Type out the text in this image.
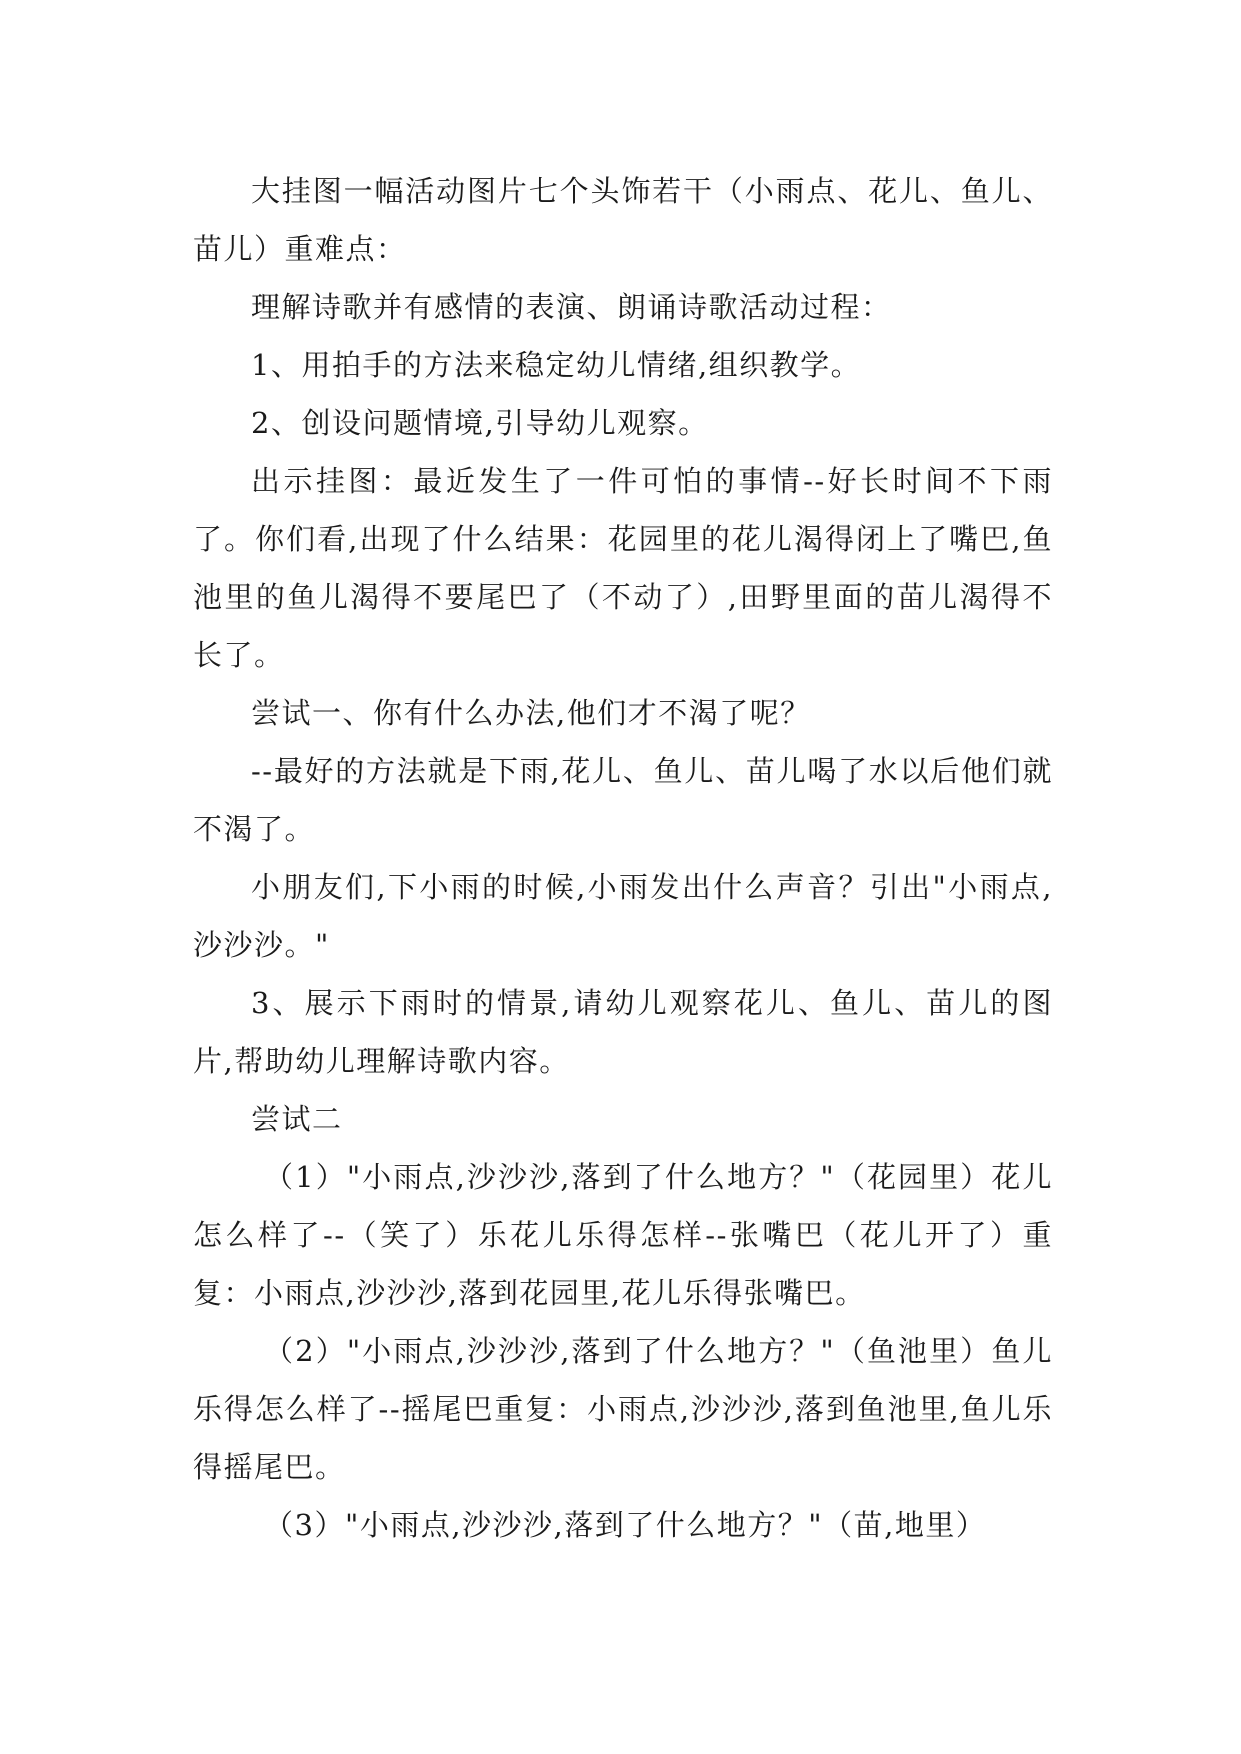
大挂图一幅活动图片七个头饰若干（小雨点、花儿、鱼儿、苗儿）重难点：

理解诗歌并有感情的表演、朗诵诗歌活动过程：

1、用拍手的方法来稳定幼儿情绪,组织教学。

2、创设问题情境,引导幼儿观察。

出示挂图：最近发生了一件可怕的事情--好长时间不下雨了。你们看,出现了什么结果：花园里的花儿渴得闭上了嘴巴,鱼池里的鱼儿渴得不要尾巴了（不动了）,田野里面的苗儿渴得不长了。

尝试一、你有什么办法,他们才不渴了呢？

--最好的方法就是下雨,花儿、鱼儿、苗儿喝了水以后他们就不渴了。

小朋友们,下小雨的时候,小雨发出什么声音？引出"小雨点,沙沙沙。"

3、展示下雨时的情景,请幼儿观察花儿、鱼儿、苗儿的图片,帮助幼儿理解诗歌内容。

尝试二

（1）"小雨点,沙沙沙,落到了什么地方？"（花园里）花儿怎么样了--（笑了）乐花儿乐得怎样--张嘴巴（花儿开了）重复：小雨点,沙沙沙,落到花园里,花儿乐得张嘴巴。

（2）"小雨点,沙沙沙,落到了什么地方？"（鱼池里）鱼儿乐得怎么样了--摇尾巴重复：小雨点,沙沙沙,落到鱼池里,鱼儿乐得摇尾巴。

（3）"小雨点,沙沙沙,落到了什么地方？"（苗,地里）
